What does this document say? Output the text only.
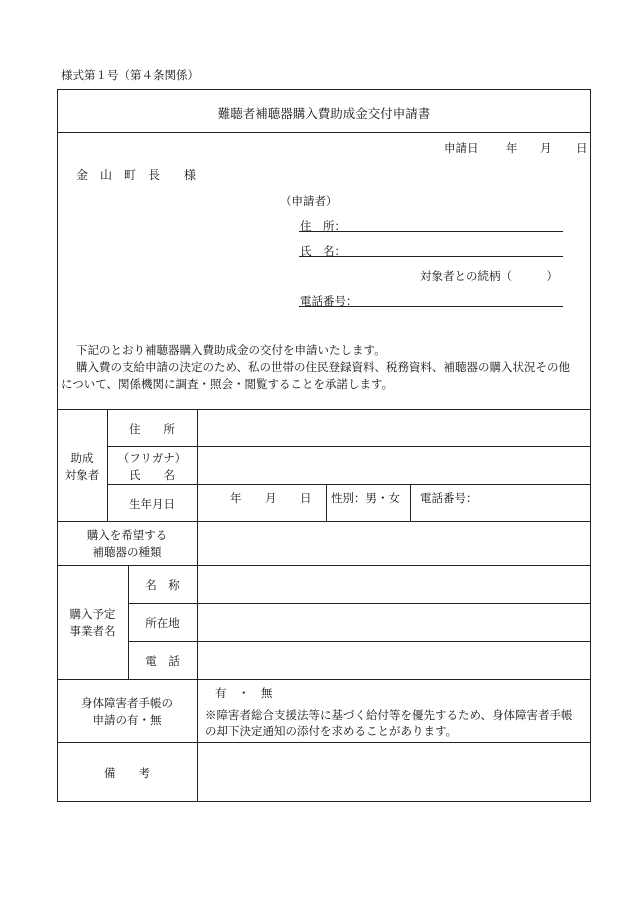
様式第１号（第４条関係）
難聴者補聴器購入費助成金交付申請書
申請日 年 月 日
金　山　町　長　　様
（申請者）
住　所：
氏　名：
対象者との続柄（　　　）
電話番号：
下記のとおり補聴器購入費助成金の交付を申請いたします。
購入費の支給申請の決定のため、私の世帯の住民登録資料、税務資料、補聴器の購入状況その他
について、関係機関に調査・照会・閲覧することを承諾します。
助成
対象者
住　　所
（フリガナ）
氏　　名
生年月日	年 月 日 性別：男・女 電話番号：
購入を希望する
補聴器の種類
購入予定
事業者名
名　称
所在地
電　話
身体障害者手帳の
申請の有・無
有　・　無
※障害者総合支援法等に基づく給付等を優先するため、身体障害者手帳
の却下決定通知の添付を求めることがあります。
備　　考
